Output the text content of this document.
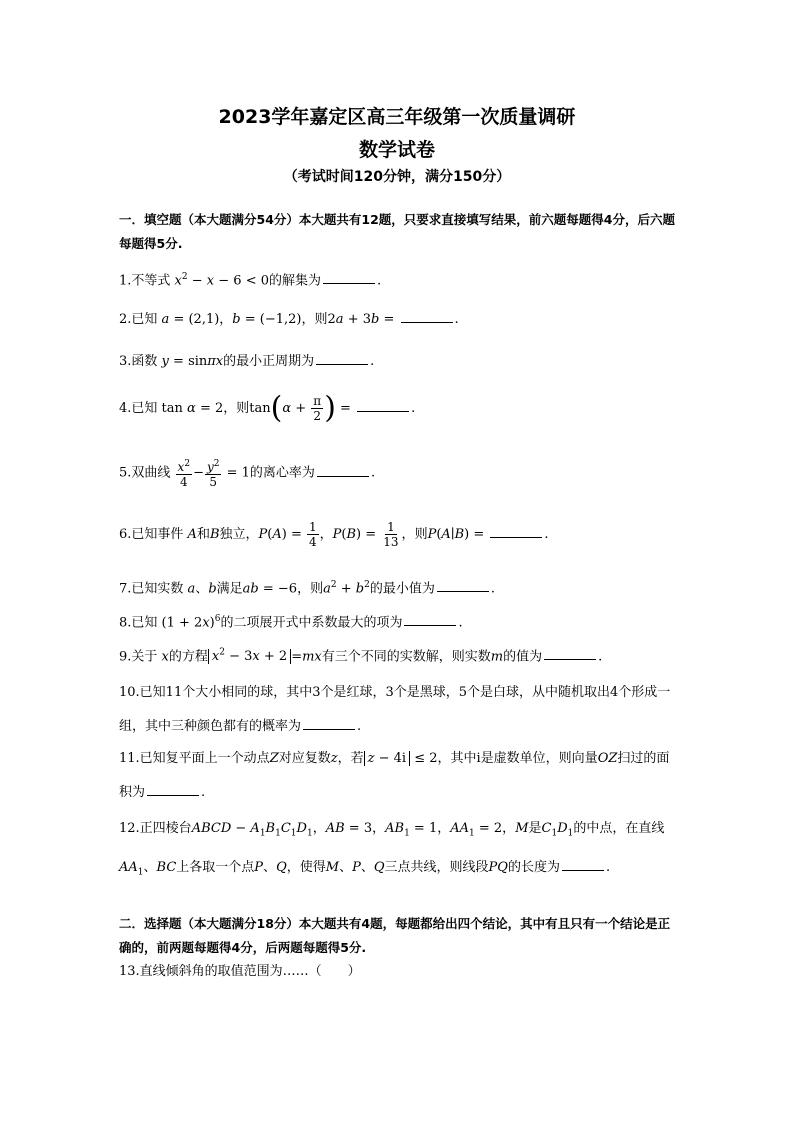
2023学年嘉定区高三年级第一次质量调研
数学试卷
（考试时间120分钟，满分150分）
一．填空题（本大题满分54分）本大题共有12题，只要求直接填写结果，前六题每题得4分，后六题每题得5分.
1.不等式 $x^2 - x - 6 < 0$的解集为	.
2.已知 a = (2,1)，b = (−1,2)，则2a + 3b =	.
3.函数 y = sinπx的最小正周期为	.
4.已知 tan α = 2，则$\tan(\alpha + \frac{\pi}{2}$ ) =	.
5.双曲线 $\frac{x^2}{4} - \frac{y^2}{5} = 1$的离心率为	.
6.已知事件 A和B独立，$P(A) = \frac{1}{4}$ ，$P(B) = \frac{1}{13}$ ，则P(A∣B) =	.
7.已知实数 a、b满足ab = −6，则$a^2 + b^2$的最小值为	.
8.已知 $(1 + 2x)^6$的二项展开式中系数最大的项为	.
9.关于 x的方程 $x^2 - 3x + 2 =mx$有三个不同的实数解，则实数m的值为	.
10.已知11个大小相同的球，其中3个是红球，3个是黑球，5个是白球，从中随机取出4个形成一组，其中三种颜色都有的概率为	.
11.已知复平面上一个动点Z对应复数z，若 z − 4i ≤ 2，其中i是虚数单位，则向量OZ扫过的面积为	.
12.正四棱台ABCD − $A_1B_1C_1D_1$，AB = 3，$AB_1 = 1$，$AA_1 = 2$，M是$C_1D_1$的中点，在直线$AA_1$、BC上各取一个点P、Q，使得M、P、Q三点共线，则线段PQ的长度为	.
二．选择题（本大题满分18分）本大题共有4题，每题都给出四个结论，其中有且只有一个结论是正确的，前两题每题得4分，后两题每题得5分.
13.直线倾斜角的取值范围为……（　　）
